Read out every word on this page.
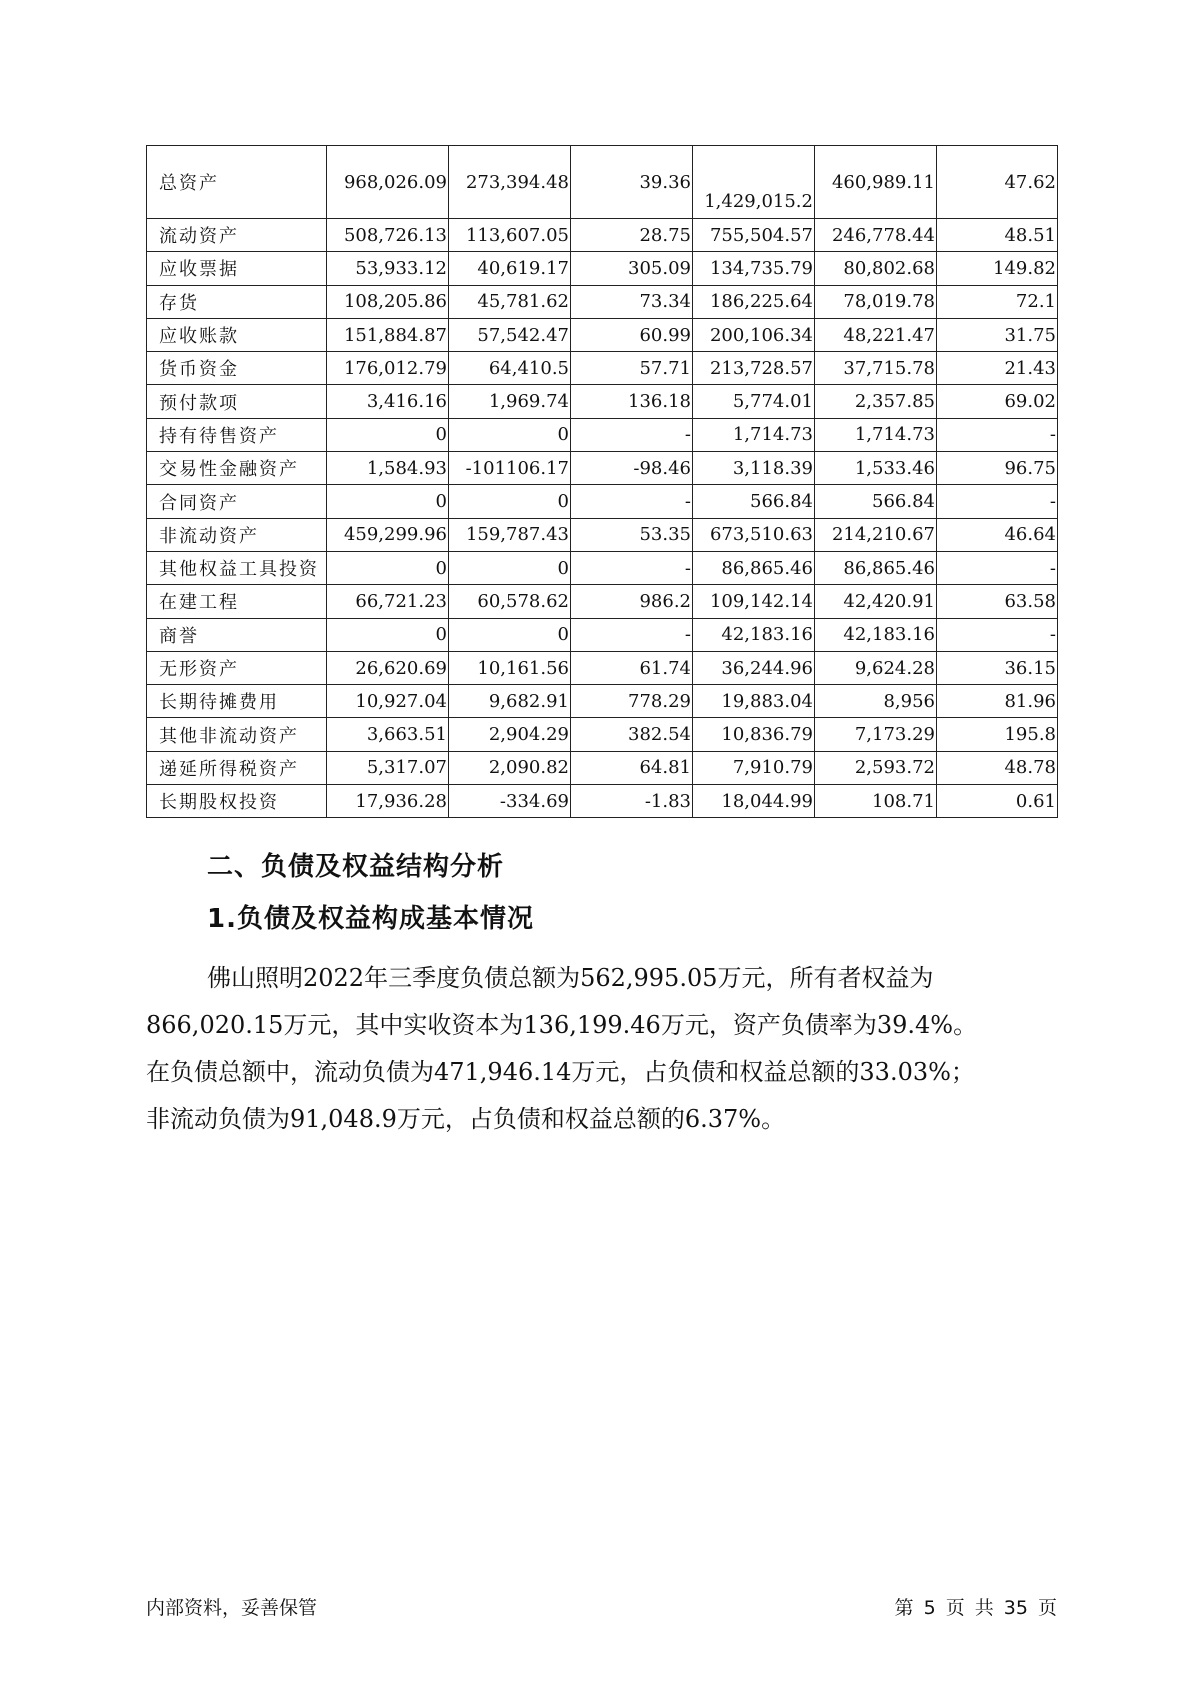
总资产	968,026.09	273,394.48	39.36	1,429,015.2	460,989.11	47.62
流动资产	508,726.13	113,607.05	28.75	755,504.57	246,778.44	48.51
应收票据	53,933.12	40,619.17	305.09	134,735.79	80,802.68	149.82
存货	108,205.86	45,781.62	73.34	186,225.64	78,019.78	72.1
应收账款	151,884.87	57,542.47	60.99	200,106.34	48,221.47	31.75
货币资金	176,012.79	64,410.5	57.71	213,728.57	37,715.78	21.43
预付款项	3,416.16	1,969.74	136.18	5,774.01	2,357.85	69.02
持有待售资产	0	0	-	1,714.73	1,714.73	-
交易性金融资产	1,584.93	-101106.17	-98.46	3,118.39	1,533.46	96.75
合同资产	0	0	-	566.84	566.84	-
非流动资产	459,299.96	159,787.43	53.35	673,510.63	214,210.67	46.64
其他权益工具投资	0	0	-	86,865.46	86,865.46	-
在建工程	66,721.23	60,578.62	986.2	109,142.14	42,420.91	63.58
商誉	0	0	-	42,183.16	42,183.16	-
无形资产	26,620.69	10,161.56	61.74	36,244.96	9,624.28	36.15
长期待摊费用	10,927.04	9,682.91	778.29	19,883.04	8,956	81.96
其他非流动资产	3,663.51	2,904.29	382.54	10,836.79	7,173.29	195.8
递延所得税资产	5,317.07	2,090.82	64.81	7,910.79	2,593.72	48.78
长期股权投资	17,936.28	-334.69	-1.83	18,044.99	108.71	0.61
二、负债及权益结构分析
1.负债及权益构成基本情况

佛山照明2022年三季度负债总额为562,995.05万元，所有者权益为
866,020.15万元，其中实收资本为136,199.46万元，资产负债率为39.4%。
在负债总额中，流动负债为471,946.14万元，占负债和权益总额的33.03%；
非流动负债为91,048.9万元，占负债和权益总额的6.37%。

内部资料，妥善保管	第 5 页 共 35 页
